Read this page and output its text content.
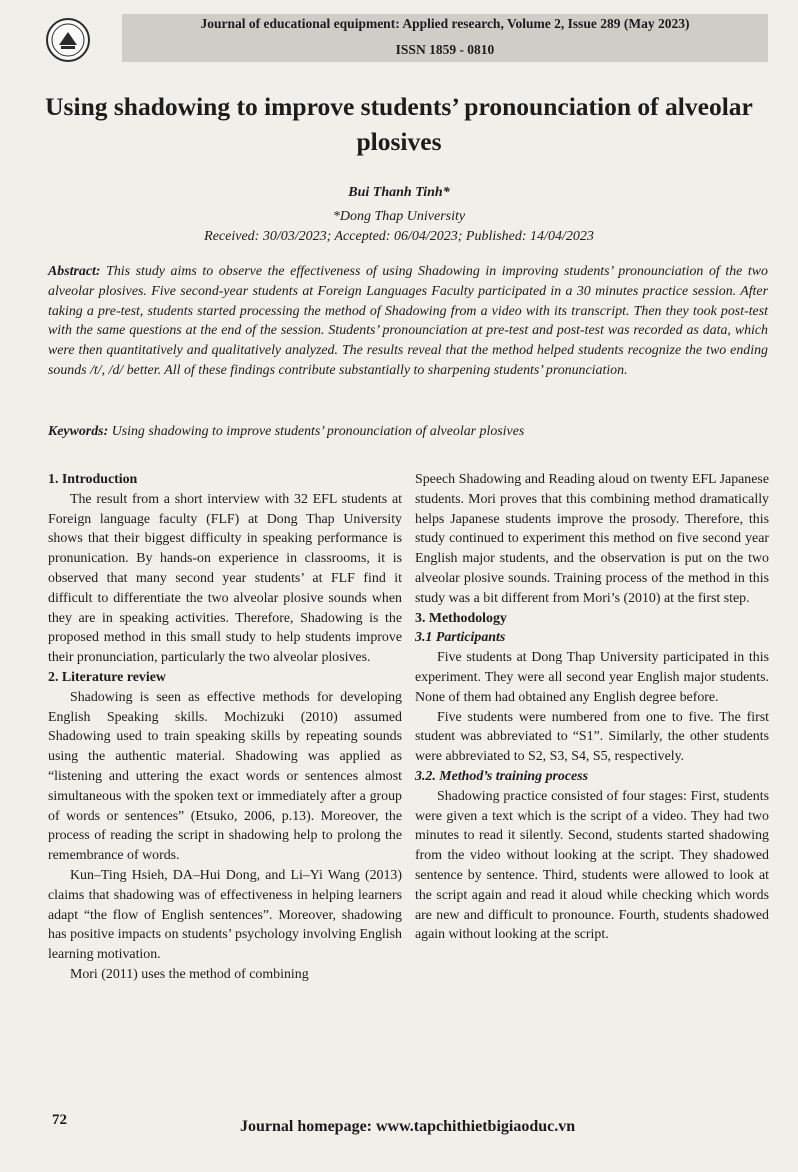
Journal of educational equipment: Applied research, Volume 2, Issue 289 (May 2023)
ISSN 1859 - 0810
Using shadowing to improve students’ pronounciation of alveolar plosives
Bui Thanh Tinh*
*Dong Thap University
Received: 30/03/2023; Accepted: 06/04/2023; Published: 14/04/2023

Abstract: This study aims to observe the effectiveness of using Shadowing in improving students’ pronounciation of the two alveolar plosives. Five second-year students at Foreign Languages Faculty participated in a 30 minutes practice session. After taking a pre-test, students started processing the method of Shadowing from a video with its transcript. Then they took post-test with the same questions at the end of the session. Students’ pronounciation at pre-test and post-test was recorded as data, which were then quantitatively and qualitatively analyzed. The results reveal that the method helped students recognize the two ending sounds /t/, /d/ better. All of these findings contribute substantially to sharpening students’ pronunciation.

Keywords: Using shadowing to improve students’ pronounciation of alveolar plosives

1. Introduction

The result from a short interview with 32 EFL students at Foreign language faculty (FLF) at Dong Thap University shows that their biggest difficulty in speaking performance is pronunication. By hands-on experience in classrooms, it is observed that many second year students’ at FLF find it difficult to differentiate the two alveolar plosive sounds when they are in speaking activities. Therefore, Shadowing is the proposed method in this small study to help students improve their pronunciation, particularly the two alveolar plosives.

2. Literature review

Shadowing is seen as effective methods for developing English Speaking skills. Mochizuki (2010) assumed Shadowing used to train speaking skills by repeating sounds using the authentic material. Shadowing was applied as “listening and uttering the exact words or sentences almost simultaneous with the spoken text or immediately after a group of words or sentences” (Etsuko, 2006, p.13). Moreover, the process of reading the script in shadowing help to prolong the remembrance of words.

Kun–Ting Hsieh, DA–Hui Dong, and Li–Yi Wang (2013) claims that shadowing was of effectiveness in helping learners adapt “the flow of English sentences”. Moreover, shadowing has positive impacts on students’ psychology involving English learning motivation.

Mori (2011) uses the method of combining

Speech Shadowing and Reading aloud on twenty EFL Japanese students. Mori proves that this combining method dramatically helps Japanese students improve the prosody. Therefore, this study continued to experiment this method on five second year English major students, and the observation is put on the two alveolar plosive sounds. Training process of the method in this study was a bit different from Mori’s (2010) at the first step.

3. Methodology
3.1 Participants

Five students at Dong Thap University participated in this experiment. They were all second year English major students. None of them had obtained any English degree before.

Five students were numbered from one to five. The first student was abbreviated to “S1”. Similarly, the other students were abbreviated to S2, S3, S4, S5, respectively.

3.2. Method’s training process

Shadowing practice consisted of four stages: First, students were given a text which is the script of a video. They had two minutes to read it silently. Second, students started shadowing from the video without looking at the script. They shadowed sentence by sentence. Third, students were allowed to look at the script again and read it aloud while checking which words are new and difficult to pronounce. Fourth, students shadowed again without looking at the script.

72	Journal homepage: www.tapchithietbigiaoduc.vn
